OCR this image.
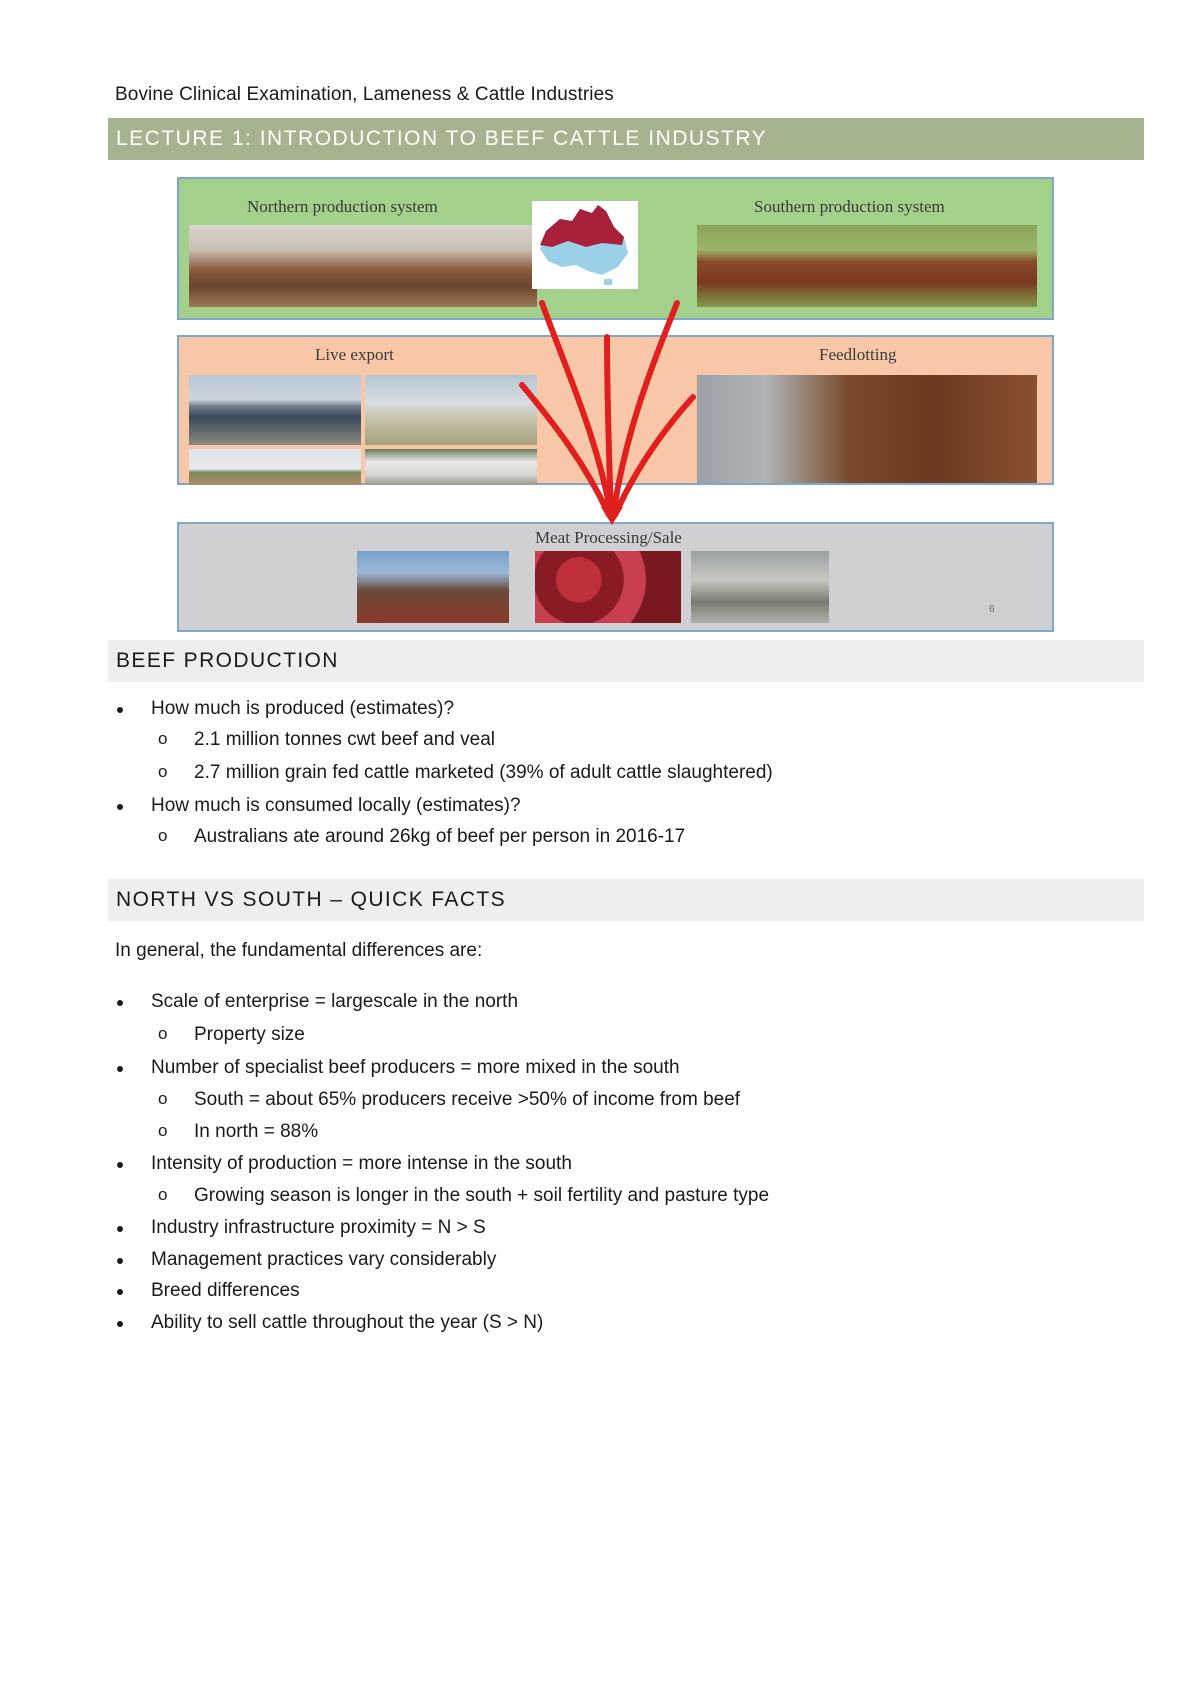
Bovine Clinical Examination, Lameness & Cattle Industries
LECTURE 1: INTRODUCTION TO BEEF CATTLE INDUSTRY
Northern production system	Southern production system
Live export	Feedlotting
Meat Processing/Sale
6
BEEF PRODUCTION
How much is produced (estimates)?
o 2.1 million tonnes cwt beef and veal
o 2.7 million grain fed cattle marketed (39% of adult cattle slaughtered)
How much is consumed locally (estimates)?
o Australians ate around 26kg of beef per person in 2016-17
NORTH VS SOUTH – QUICK FACTS
In general, the fundamental differences are:
Scale of enterprise = largescale in the north
o Property size
Number of specialist beef producers = more mixed in the south
o South = about 65% producers receive >50% of income from beef
o In north = 88%
Intensity of production = more intense in the south
o Growing season is longer in the south + soil fertility and pasture type
Industry infrastructure proximity = N > S
Management practices vary considerably
Breed differences
Ability to sell cattle throughout the year (S > N)
